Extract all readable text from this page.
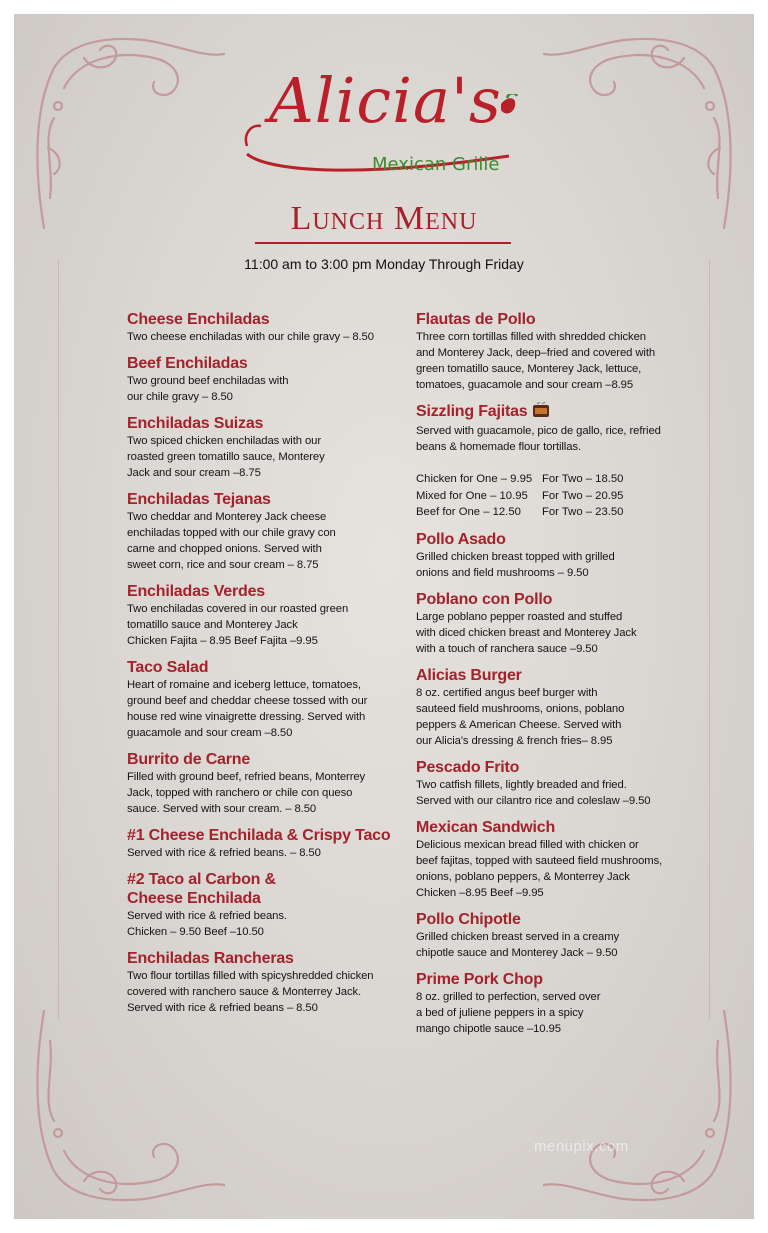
Alicia's
Mexican Grille
Lunch Menu
11:00 am to 3:00 pm Monday Through Friday
Cheese Enchiladas
Two cheese enchiladas with our chile gravy – 8.50
Beef Enchiladas
Two ground beef enchiladas with
our chile gravy – 8.50
Enchiladas Suizas
Two spiced chicken enchiladas with our
roasted green tomatillo sauce, Monterey
Jack and sour cream –8.75
Enchiladas Tejanas
Two cheddar and Monterey Jack cheese
enchiladas topped with our chile gravy con
carne and chopped onions. Served with
sweet corn, rice and sour cream – 8.75
Enchiladas Verdes
Two enchiladas covered in our roasted green
tomatillo sauce and Monterey Jack
Chicken Fajita – 8.95 Beef Fajita –9.95
Taco Salad
Heart of romaine and iceberg lettuce, tomatoes,
ground beef and cheddar cheese tossed with our
house red wine vinaigrette dressing. Served with
guacamole and sour cream –8.50
Burrito de Carne
Filled with ground beef, refried beans, Monterrey
Jack, topped with ranchero or chile con queso
sauce. Served with sour cream. – 8.50
#1 Cheese Enchilada & Crispy Taco
Served with rice & refried beans. – 8.50
#2 Taco al Carbon &
Cheese Enchilada
Served with rice & refried beans.
Chicken – 9.50 Beef –10.50
Enchiladas Rancheras
Two flour tortillas filled with spicyshredded chicken
covered with ranchero sauce & Monterrey Jack.
Served with rice & refried beans – 8.50
Flautas de Pollo
Three corn tortillas filled with shredded chicken
and Monterey Jack, deep–fried and covered with
green tomatillo sauce, Monterey Jack, lettuce,
tomatoes, guacamole and sour cream –8.95
Sizzling Fajitas
Served with guacamole, pico de gallo, rice, refried
beans & homemade flour tortillas.
Chicken for One – 9.95 For Two – 18.50
Mixed for One – 10.95	For Two – 20.95
Beef for One – 12.50	For Two – 23.50
Pollo Asado
Grilled chicken breast topped with grilled
onions and field mushrooms – 9.50
Poblano con Pollo
Large poblano pepper roasted and stuffed
with diced chicken breast and Monterey Jack
with a touch of ranchera sauce –9.50
Alicias Burger
8 oz. certified angus beef burger with
sauteed field mushrooms, onions, poblano
peppers & American Cheese. Served with
our Alicia's dressing & french fries– 8.95
Pescado Frito
Two catfish fillets, lightly breaded and fried.
Served with our cilantro rice and coleslaw –9.50
Mexican Sandwich
Delicious mexican bread filled with chicken or
beef fajitas, topped with sauteed field mushrooms,
onions, poblano peppers, & Monterrey Jack
Chicken –8.95 Beef –9.95
Pollo Chipotle
Grilled chicken breast served in a creamy
chipotle sauce and Monterey Jack – 9.50
Prime Pork Chop
8 oz. grilled to perfection, served over
a bed of juliene peppers in a spicy
mango chipotle sauce –10.95
menupix.com
